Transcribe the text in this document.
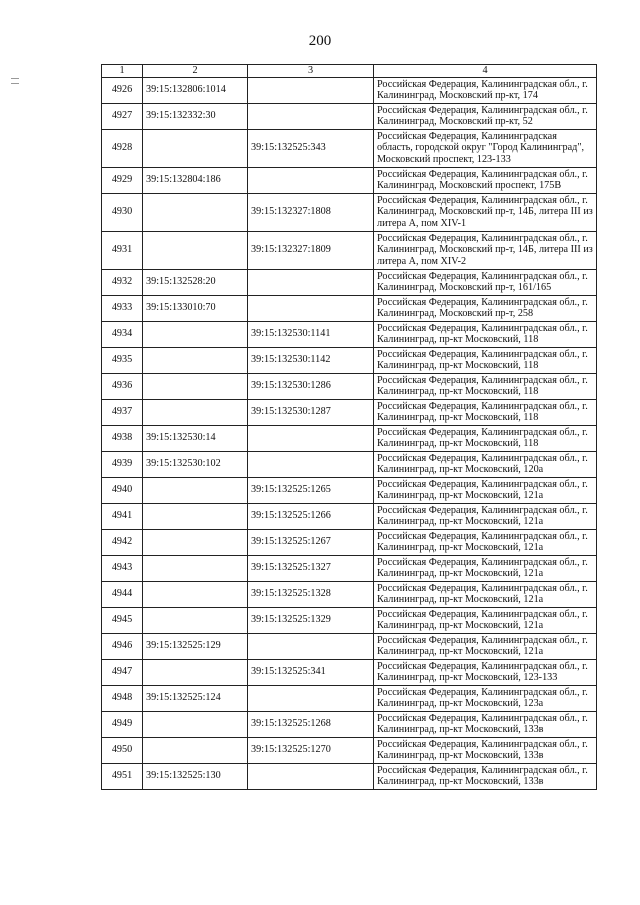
200
1	2	3	4
4926	39:15:132806:1014		Российская Федерация, Калининградская обл., г. Калининград, Московский пр-кт, 174
4927	39:15:132332:30		Российская Федерация, Калининградская обл., г. Калининград, Московский пр-кт, 52
4928		39:15:132525:343	Российская Федерация, Калининградская область, городской округ "Город Калининград", Московский проспект, 123-133
4929	39:15:132804:186		Российская Федерация, Калининградская обл., г. Калининград, Московский проспект, 175В
4930		39:15:132327:1808	Российская Федерация, Калининградская обл., г. Калининград, Московский пр-т, 14Б, литера III из литера А, пом XIV-1
4931		39:15:132327:1809	Российская Федерация, Калининградская обл., г. Калининград, Московский пр-т, 14Б, литера III из литера А, пом XIV-2
4932	39:15:132528:20		Российская Федерация, Калининградская обл., г. Калининград, Московский пр-т, 161/165
4933	39:15:133010:70		Российская Федерация, Калининградская обл., г. Калининград, Московский пр-т, 258
4934		39:15:132530:1141	Российская Федерация, Калининградская обл., г. Калининград, пр-кт Московский, 118
4935		39:15:132530:1142	Российская Федерация, Калининградская обл., г. Калининград, пр-кт Московский, 118
4936		39:15:132530:1286	Российская Федерация, Калининградская обл., г. Калининград, пр-кт Московский, 118
4937		39:15:132530:1287	Российская Федерация, Калининградская обл., г. Калининград, пр-кт Московский, 118
4938	39:15:132530:14		Российская Федерация, Калининградская обл., г. Калининград, пр-кт Московский, 118
4939	39:15:132530:102		Российская Федерация, Калининградская обл., г. Калининград, пр-кт Московский, 120а
4940		39:15:132525:1265	Российская Федерация, Калининградская обл., г. Калининград, пр-кт Московский, 121а
4941		39:15:132525:1266	Российская Федерация, Калининградская обл., г. Калининград, пр-кт Московский, 121а
4942		39:15:132525:1267	Российская Федерация, Калининградская обл., г. Калининград, пр-кт Московский, 121а
4943		39:15:132525:1327	Российская Федерация, Калининградская обл., г. Калининград, пр-кт Московский, 121а
4944		39:15:132525:1328	Российская Федерация, Калининградская обл., г. Калининград, пр-кт Московский, 121а
4945		39:15:132525:1329	Российская Федерация, Калининградская обл., г. Калининград, пр-кт Московский, 121а
4946	39:15:132525:129		Российская Федерация, Калининградская обл., г. Калининград, пр-кт Московский, 121а
4947		39:15:132525:341	Российская Федерация, Калининградская обл., г. Калининград, пр-кт Московский, 123-133
4948	39:15:132525:124		Российская Федерация, Калининградская обл., г. Калининград, пр-кт Московский, 123а
4949		39:15:132525:1268	Российская Федерация, Калининградская обл., г. Калининград, пр-кт Московский, 133в
4950		39:15:132525:1270	Российская Федерация, Калининградская обл., г. Калининград, пр-кт Московский, 133в
4951	39:15:132525:130		Российская Федерация, Калининградская обл., г. Калининград, пр-кт Московский, 133в
